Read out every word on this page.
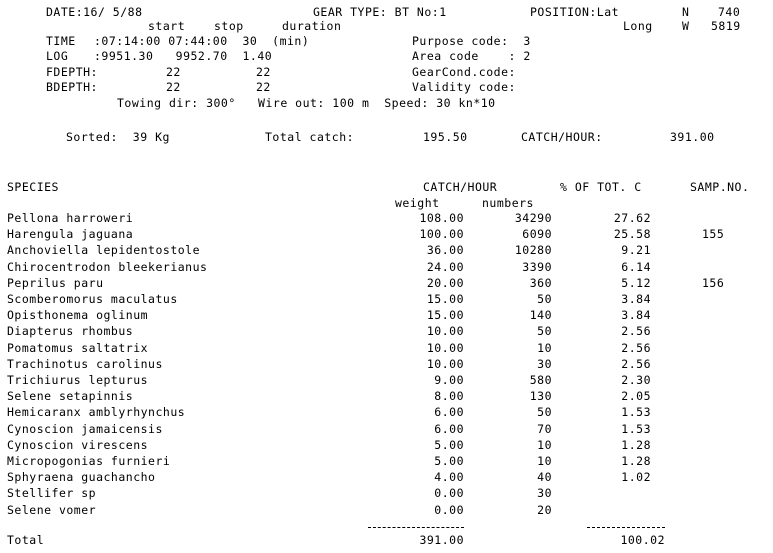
DATE:16/ 5/88	GEAR TYPE: BT No:1	POSITION:Lat	N 740
start	stop	duration	Long	W 5819
TIME :07:14:00 07:44:00  30  (min)	Purpose code:  3
LOG :9951.30   9952.70  1.40	Area code    : 2
FDEPTH:	22	22	GearCond.code:
BDEPTH:	22	22	Validity code:
Towing dir: 300°   Wire out: 100 m  Speed: 30 kn*10
Sorted:  39 Kg	Total catch:	195.50	CATCH/HOUR:	391.00
SPECIES	CATCH/HOUR	% OF TOT. C	SAMP.NO.
weight	numbers
Pellona harroweri	108.00	34290	27.62
Harengula jaguana	100.00	6090	25.58	155
Anchoviella lepidentostole	36.00	10280	9.21
Chirocentrodon bleekerianus	24.00	3390	6.14
Peprilus paru	20.00	360	5.12	156
Scomberomorus maculatus	15.00	50	3.84
Opisthonema oglinum	15.00	140	3.84
Diapterus rhombus	10.00	50	2.56
Pomatomus saltatrix	10.00	10	2.56
Trachinotus carolinus	10.00	30	2.56
Trichiurus lepturus	9.00	580	2.30
Selene setapinnis	8.00	130	2.05
Hemicaranx amblyrhynchus	6.00	50	1.53
Cynoscion jamaicensis	6.00	70	1.53
Cynoscion virescens	5.00	10	1.28
Micropogonias furnieri	5.00	10	1.28
Sphyraena guachancho	4.00	40	1.02
Stellifer sp	0.00	30
Selene vomer	0.00	20
Total	391.00	100.02
